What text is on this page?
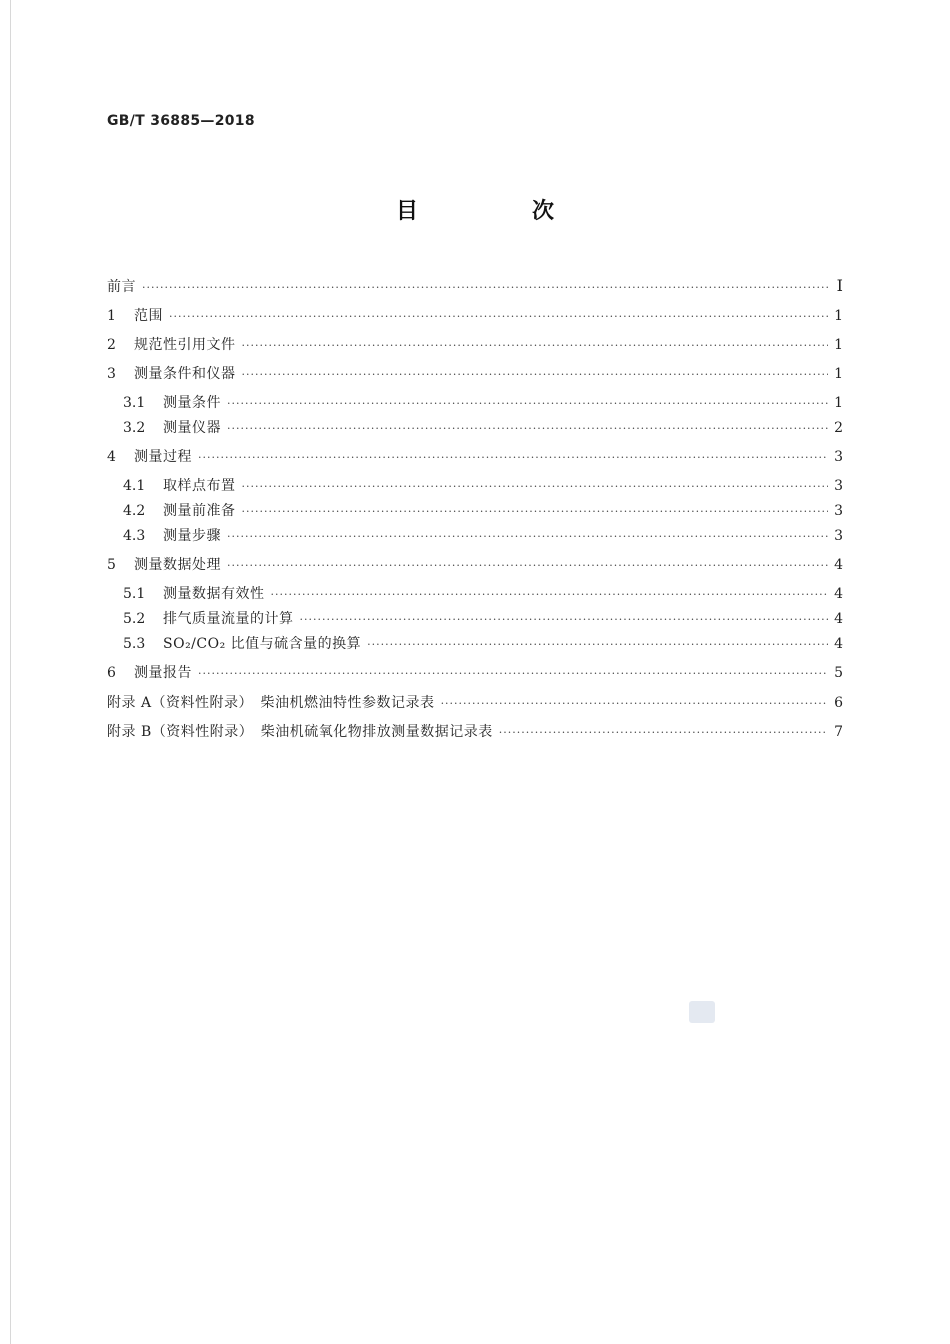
GB/T 36885—2018
目　次
前言 ·····	Ⅰ
1	范围 ·····	1
2	规范性引用文件 ·····	1
3	测量条件和仪器 ·····	1
3.1	测量条件 ·····	1
3.2	测量仪器 ·····	2
4	测量过程 ·····	3
4.1	取样点布置 ·····	3
4.2	测量前准备 ·····	3
4.3	测量步骤 ·····	3
5	测量数据处理 ·····	4
5.1	测量数据有效性 ·····	4
5.2	排气质量流量的计算 ·····	4
5.3	SO₂/CO₂ 比值与硫含量的换算 ·····	4
6	测量报告 ·····	5
附录 A（资料性附录）　柴油机燃油特性参数记录表 ·····	6
附录 B（资料性附录）　柴油机硫氧化物排放测量数据记录表 ·····	7
